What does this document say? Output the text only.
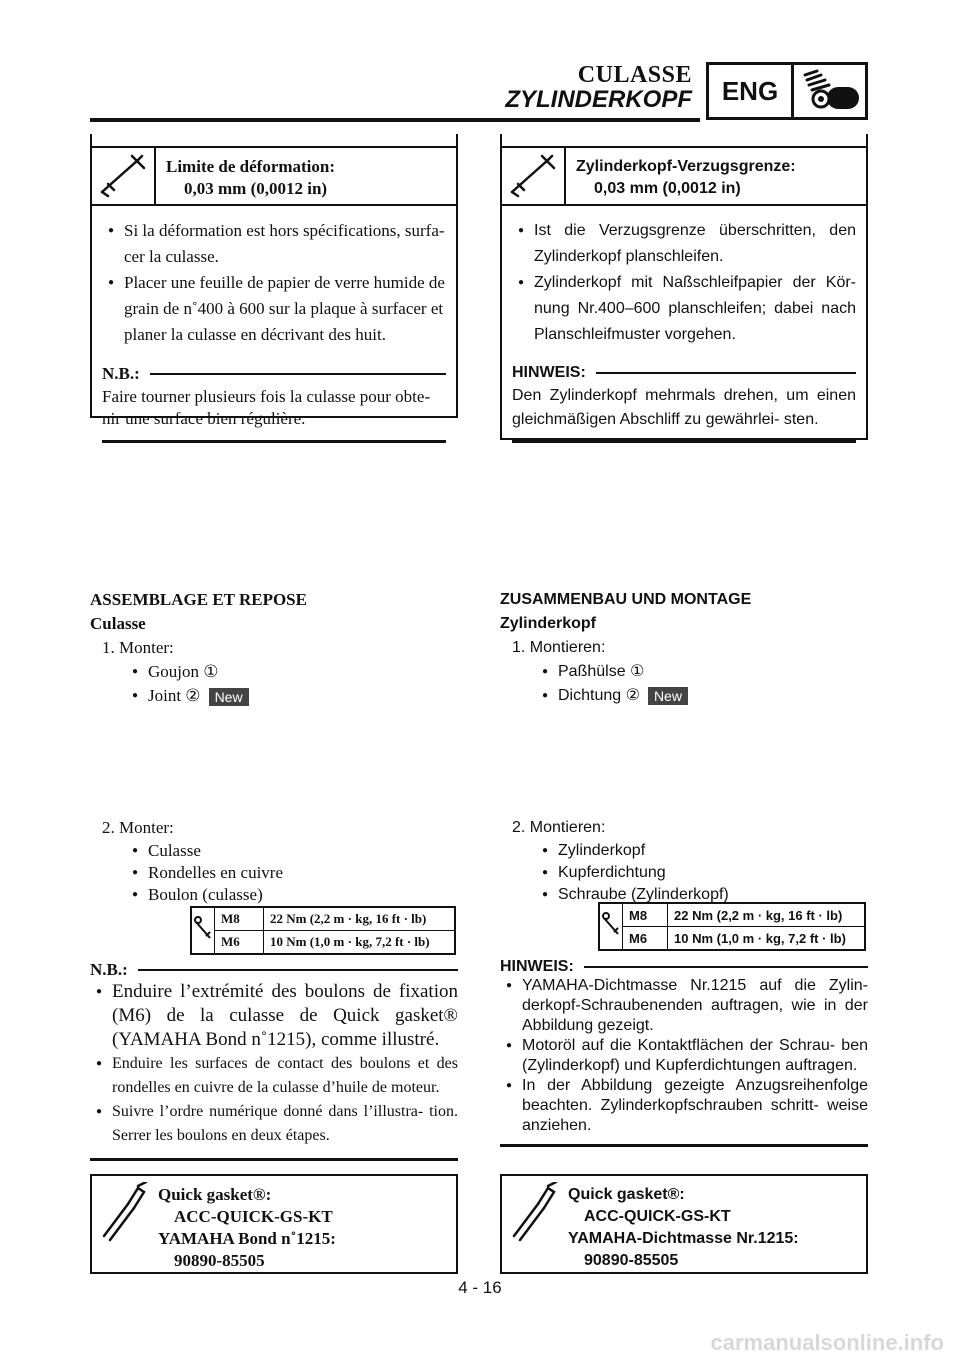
CULASSE
ZYLINDERKOPF	ENG
Limite de déformation:
0,03 mm (0,0012 in)

● Si la déformation est hors spécifications, surfa- cer la culasse.

● Placer une feuille de papier de verre humide de grain de n˚400 à 600 sur la plaque à surfacer et planer la culasse en décrivant des huit.

N.B.:
Faire tourner plusieurs fois la culasse pour obte- nir une surface bien régulière.
Zylinderkopf-Verzugsgrenze:
0,03 mm (0,0012 in)

● Ist die Verzugsgrenze überschritten, den Zylinderkopf planschleifen.

● Zylinderkopf mit Naßschleifpapier der Kör- nung Nr.400–600 planschleifen; dabei nach Planschleifmuster vorgehen.

HINWEIS:
Den Zylinderkopf mehrmals drehen, um einen gleichmäßigen Abschliff zu gewährlei- sten.
ASSEMBLAGE ET REPOSE
Culasse
1. Monter:
● Goujon ①
● Joint ② New
2. Monter:
● Culasse
● Rondelles en cuivre
● Boulon (culasse)
	M8	22 Nm (2,2 m · kg, 16 ft · lb)
	M6	10 Nm (1,0 m · kg, 7,2 ft · lb)
N.B.:

● Enduire l’extrémité des boulons de fixation (M6) de la culasse de Quick gasket® (YAMAHA Bond n˚1215), comme illustré.

● Enduire les surfaces de contact des boulons et des rondelles en cuivre de la culasse d’huile de moteur.

● Suivre l’ordre numérique donné dans l’illustra- tion. Serrer les boulons en deux étapes.

Quick gasket®:
ACC-QUICK-GS-KT
YAMAHA Bond n˚1215:
90890-85505
ZUSAMMENBAU UND MONTAGE
Zylinderkopf
1. Montieren:
● Paßhülse ①
● Dichtung ② New
2. Montieren:
● Zylinderkopf
● Kupferdichtung
● Schraube (Zylinderkopf)
	M8	22 Nm (2,2 m · kg, 16 ft · lb)
	M6	10 Nm (1,0 m · kg, 7,2 ft · lb)
HINWEIS:

● YAMAHA-Dichtmasse Nr.1215 auf die Zylin- derkopf-Schraubenenden auftragen, wie in der Abbildung gezeigt.

● Motoröl auf die Kontaktflächen der Schrau- ben (Zylinderkopf) und Kupferdichtungen auftragen.

● In der Abbildung gezeigte Anzugsreihenfolge beachten. Zylinderkopfschrauben schritt- weise anziehen.

Quick gasket®:
ACC-QUICK-GS-KT
YAMAHA-Dichtmasse Nr.1215:
90890-85505
4 - 16
carmanualsonline.info
